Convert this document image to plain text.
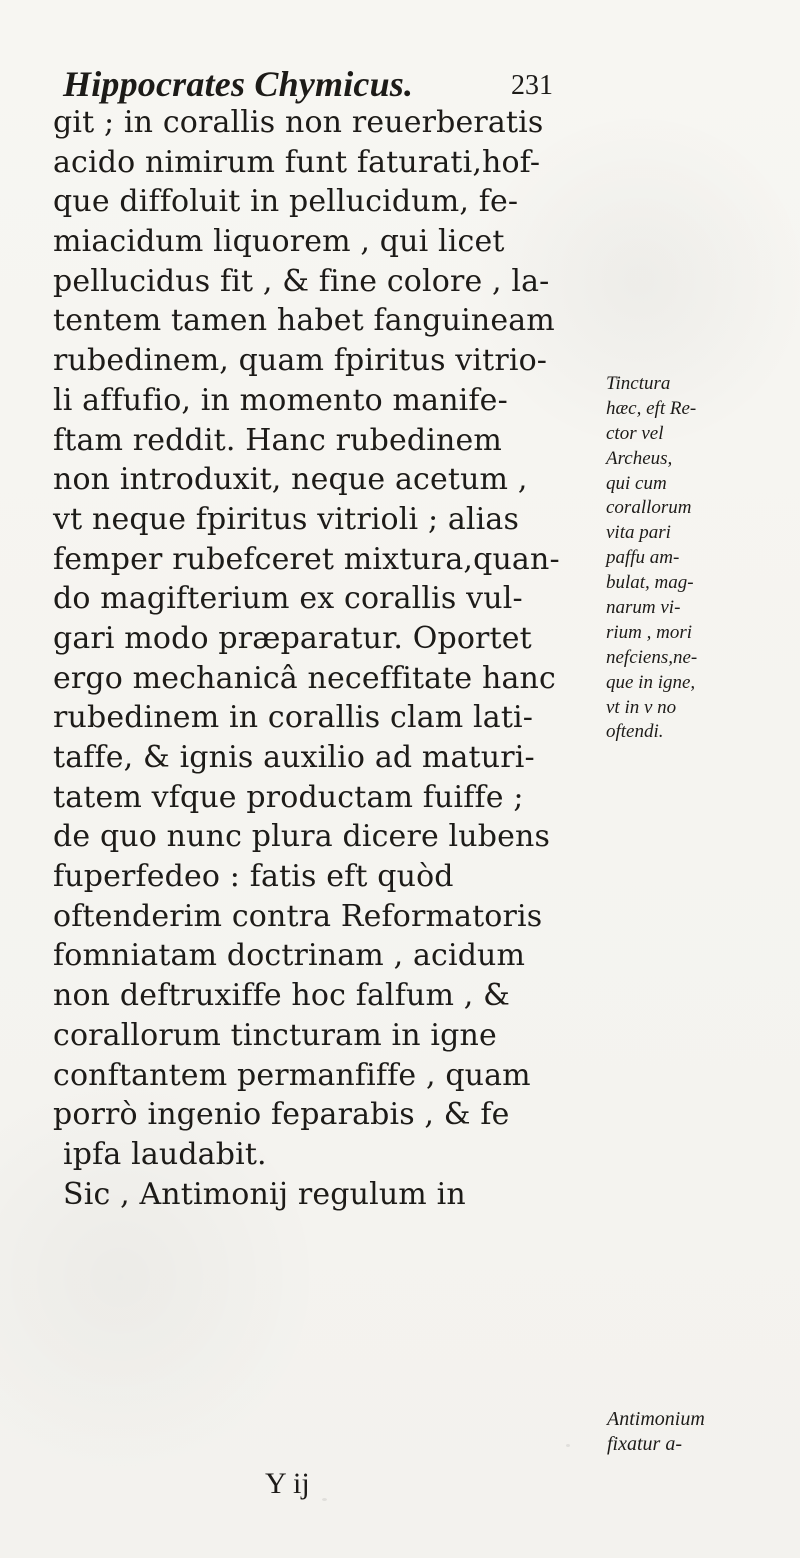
Hippocrates Chymicus.	231
git ; in corallis non reuerberatis
acido nimirum funt faturati,hof-
que diffoluit in pellucidum, fe-
miacidum liquorem , qui licet
pellucidus fit , & fine colore , la-
tentem tamen habet fanguineam
rubedinem, quam fpiritus vitrio-
li affufio, in momento manife-
ftam reddit. Hanc rubedinem
non introduxit, neque acetum ,
vt neque fpiritus vitrioli ; alias
femper rubefceret mixtura,quan-
do magifterium ex corallis vul-
gari modo præparatur. Oportet
ergo mechanicâ neceffitate hanc
rubedinem in corallis clam lati-
taffe, & ignis auxilio ad maturi-
tatem vfque productam fuiffe ;
de quo nunc plura dicere lubens
fuperfedeo : fatis eft quòd
oftenderim contra Reformatoris
fomniatam doctrinam , acidum
non deftruxiffe hoc falfum , &
corallorum tincturam in igne
conftantem permanfiffe , quam
porrò ingenio feparabis , & fe
ipfa laudabit.
Sic , Antimonij regulum in
Tinctura
hæc, eft Re-
ctor vel
Archeus,
qui cum
corallorum
vita pari
paffu am-
bulat, mag-
narum vi-
rium , mori
nefciens,ne-
que in igne,
vt in v no
oftendi.
Antimonium
fixatur a-
Y ij
